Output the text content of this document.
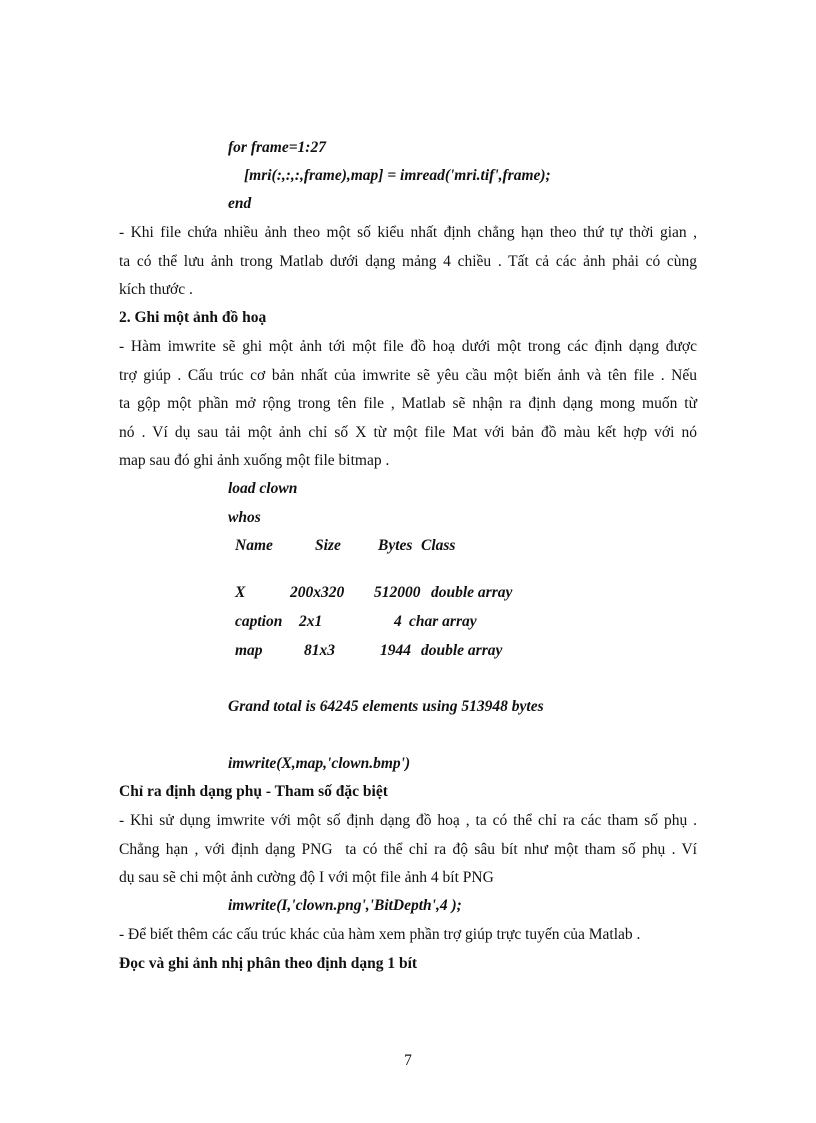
for frame=1:27
[mri(:,:,:,frame),map] = imread('mri.tif',frame);
end
- Khi file chứa nhiều ảnh theo một số kiểu nhất định chẳng hạn theo thứ tự thời gian ,
ta có thể lưu ảnh trong Matlab dưới dạng mảng 4 chiều . Tất cả các ảnh phải có cùng
kích thước .
2. Ghi một ảnh đồ hoạ
- Hàm imwrite sẽ ghi một ảnh tới một file đồ hoạ dưới một trong các định dạng được
trợ giúp . Cấu trúc cơ bản nhất của imwrite sẽ yêu cầu một biến ảnh và tên file . Nếu
ta gộp một phần mở rộng trong tên file , Matlab sẽ nhận ra định dạng mong muốn từ
nó . Ví dụ sau tải một ảnh chỉ số X từ một file Mat với bản đồ màu kết hợp với nó
map sau đó ghi ảnh xuống một file bitmap .
load clown
whos
Name	Size Bytes Class
X	200x320 512000 double array
caption 2x1	4 char array
map	81x3	1944 double array
Grand total is 64245 elements using 513948 bytes
imwrite(X,map,'clown.bmp')
Chỉ ra định dạng phụ - Tham số đặc biệt
- Khi sử dụng imwrite với một số định dạng đồ hoạ , ta có thể chỉ ra các tham số phụ .
Chẳng hạn , với định dạng PNG  ta có thể chỉ ra độ sâu bít như một tham số phụ . Ví
dụ sau sẽ chi một ảnh cường độ I với một file ảnh 4 bít PNG
imwrite(I,'clown.png','BitDepth',4 );
- Để biết thêm các cấu trúc khác của hàm xem phần trợ giúp trực tuyến của Matlab .
Đọc và ghi ảnh nhị phân theo định dạng 1 bít
7
